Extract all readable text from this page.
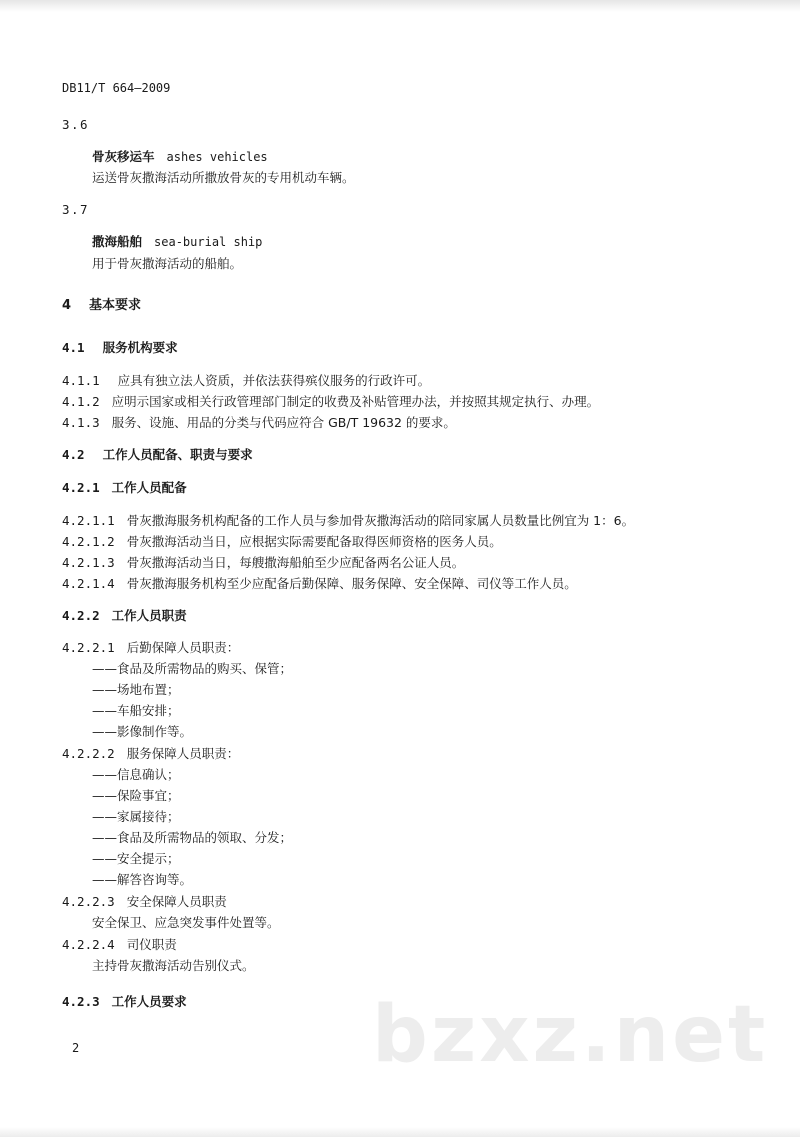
DB11/T 664—2009
3.6
骨灰移运车 ashes vehicles
运送骨灰撒海活动所撒放骨灰的专用机动车辆。
3.7
撒海船舶 sea-burial ship
用于骨灰撒海活动的船舶。
4 基本要求
4.1 服务机构要求
4.1.1 应具有独立法人资质，并依法获得殡仪服务的行政许可。
4.1.2 应明示国家或相关行政管理部门制定的收费及补贴管理办法，并按照其规定执行、办理。
4.1.3 服务、设施、用品的分类与代码应符合 GB/T 19632 的要求。
4.2 工作人员配备、职责与要求
4.2.1 工作人员配备
4.2.1.1 骨灰撒海服务机构配备的工作人员与参加骨灰撒海活动的陪同家属人员数量比例宜为 1：6。
4.2.1.2 骨灰撒海活动当日，应根据实际需要配备取得医师资格的医务人员。
4.2.1.3 骨灰撒海活动当日，每艘撒海船舶至少应配备两名公证人员。
4.2.1.4 骨灰撒海服务机构至少应配备后勤保障、服务保障、安全保障、司仪等工作人员。
4.2.2 工作人员职责
4.2.2.1 后勤保障人员职责：
——食品及所需物品的购买、保管；
——场地布置；
——车船安排；
——影像制作等。
4.2.2.2 服务保障人员职责：
——信息确认；
——保险事宜；
——家属接待；
——食品及所需物品的领取、分发；
——安全提示；
——解答咨询等。
4.2.2.3 安全保障人员职责
安全保卫、应急突发事件处置等。
4.2.2.4 司仪职责
主持骨灰撒海活动告别仪式。
4.2.3 工作人员要求 bzxz.net
2
